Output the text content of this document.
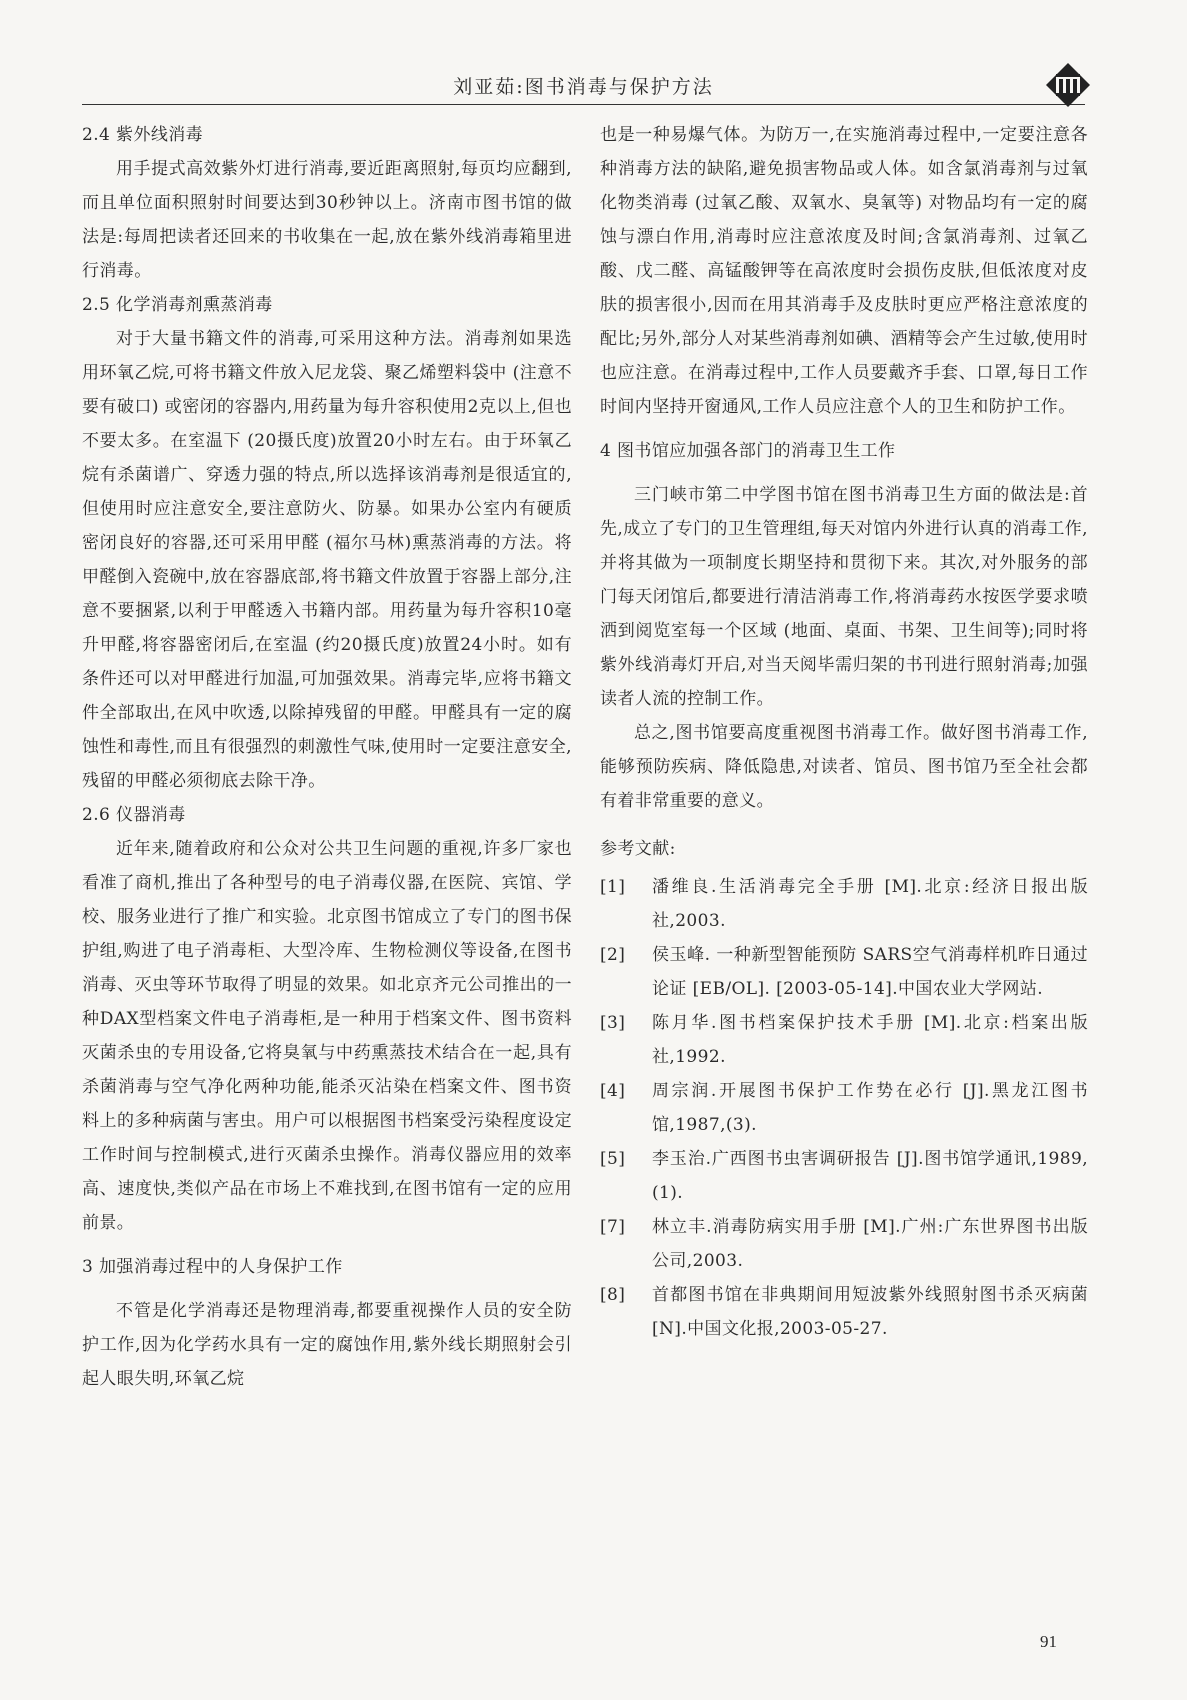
刘亚茹:图书消毒与保护方法

2.4 紫外线消毒

用手提式高效紫外灯进行消毒,要近距离照射,每页均应翻到,而且单位面积照射时间要达到30秒钟以上。济南市图书馆的做法是:每周把读者还回来的书收集在一起,放在紫外线消毒箱里进行消毒。

2.5 化学消毒剂熏蒸消毒

对于大量书籍文件的消毒,可采用这种方法。消毒剂如果选用环氧乙烷,可将书籍文件放入尼龙袋、聚乙烯塑料袋中 (注意不要有破口) 或密闭的容器内,用药量为每升容积使用2克以上,但也不要太多。在室温下 (20摄氏度)放置20小时左右。由于环氧乙烷有杀菌谱广、穿透力强的特点,所以选择该消毒剂是很适宜的,但使用时应注意安全,要注意防火、防暴。如果办公室内有硬质密闭良好的容器,还可采用甲醛 (福尔马林)熏蒸消毒的方法。将甲醛倒入瓷碗中,放在容器底部,将书籍文件放置于容器上部分,注意不要捆紧,以利于甲醛透入书籍内部。用药量为每升容积10毫升甲醛,将容器密闭后,在室温 (约20摄氏度)放置24小时。如有条件还可以对甲醛进行加温,可加强效果。消毒完毕,应将书籍文件全部取出,在风中吹透,以除掉残留的甲醛。甲醛具有一定的腐蚀性和毒性,而且有很强烈的刺激性气味,使用时一定要注意安全,残留的甲醛必须彻底去除干净。

2.6 仪器消毒

近年来,随着政府和公众对公共卫生问题的重视,许多厂家也看准了商机,推出了各种型号的电子消毒仪器,在医院、宾馆、学校、服务业进行了推广和实验。北京图书馆成立了专门的图书保护组,购进了电子消毒柜、大型冷库、生物检测仪等设备,在图书消毒、灭虫等环节取得了明显的效果。如北京齐元公司推出的一种DAX型档案文件电子消毒柜,是一种用于档案文件、图书资料灭菌杀虫的专用设备,它将臭氧与中药熏蒸技术结合在一起,具有杀菌消毒与空气净化两种功能,能杀灭沾染在档案文件、图书资料上的多种病菌与害虫。用户可以根据图书档案受污染程度设定工作时间与控制模式,进行灭菌杀虫操作。消毒仪器应用的效率高、速度快,类似产品在市场上不难找到,在图书馆有一定的应用前景。

3 加强消毒过程中的人身保护工作

不管是化学消毒还是物理消毒,都要重视操作人员的安全防护工作,因为化学药水具有一定的腐蚀作用,紫外线长期照射会引起人眼失明,环氧乙烷

也是一种易爆气体。为防万一,在实施消毒过程中,一定要注意各种消毒方法的缺陷,避免损害物品或人体。如含氯消毒剂与过氧化物类消毒 (过氧乙酸、双氧水、臭氧等) 对物品均有一定的腐蚀与漂白作用,消毒时应注意浓度及时间;含氯消毒剂、过氧乙酸、戊二醛、高锰酸钾等在高浓度时会损伤皮肤,但低浓度对皮肤的损害很小,因而在用其消毒手及皮肤时更应严格注意浓度的配比;另外,部分人对某些消毒剂如碘、酒精等会产生过敏,使用时也应注意。在消毒过程中,工作人员要戴齐手套、口罩,每日工作时间内坚持开窗通风,工作人员应注意个人的卫生和防护工作。

4 图书馆应加强各部门的消毒卫生工作

三门峡市第二中学图书馆在图书消毒卫生方面的做法是:首先,成立了专门的卫生管理组,每天对馆内外进行认真的消毒工作,并将其做为一项制度长期坚持和贯彻下来。其次,对外服务的部门每天闭馆后,都要进行清洁消毒工作,将消毒药水按医学要求喷洒到阅览室每一个区域 (地面、桌面、书架、卫生间等);同时将紫外线消毒灯开启,对当天阅毕需归架的书刊进行照射消毒;加强读者人流的控制工作。

总之,图书馆要高度重视图书消毒工作。做好图书消毒工作,能够预防疾病、降低隐患,对读者、馆员、图书馆乃至全社会都有着非常重要的意义。

参考文献:

[1]	潘维良.生活消毒完全手册 [M].北京:经济日报出版社,2003.
[2]	侯玉峰. 一种新型智能预防 SARS空气消毒样机昨日通过论证 [EB/OL]. [2003-05-14].中国农业大学网站.
[3]	陈月华.图书档案保护技术手册 [M].北京:档案出版社,1992.
[4]	周宗润.开展图书保护工作势在必行 [J].黑龙江图书馆,1987,(3).
[5]	李玉治.广西图书虫害调研报告 [J].图书馆学通讯,1989,(1).
[7]	林立丰.消毒防病实用手册 [M].广州:广东世界图书出版公司,2003.
[8]	首都图书馆在非典期间用短波紫外线照射图书杀灭病菌 [N].中国文化报,2003-05-27.
91
